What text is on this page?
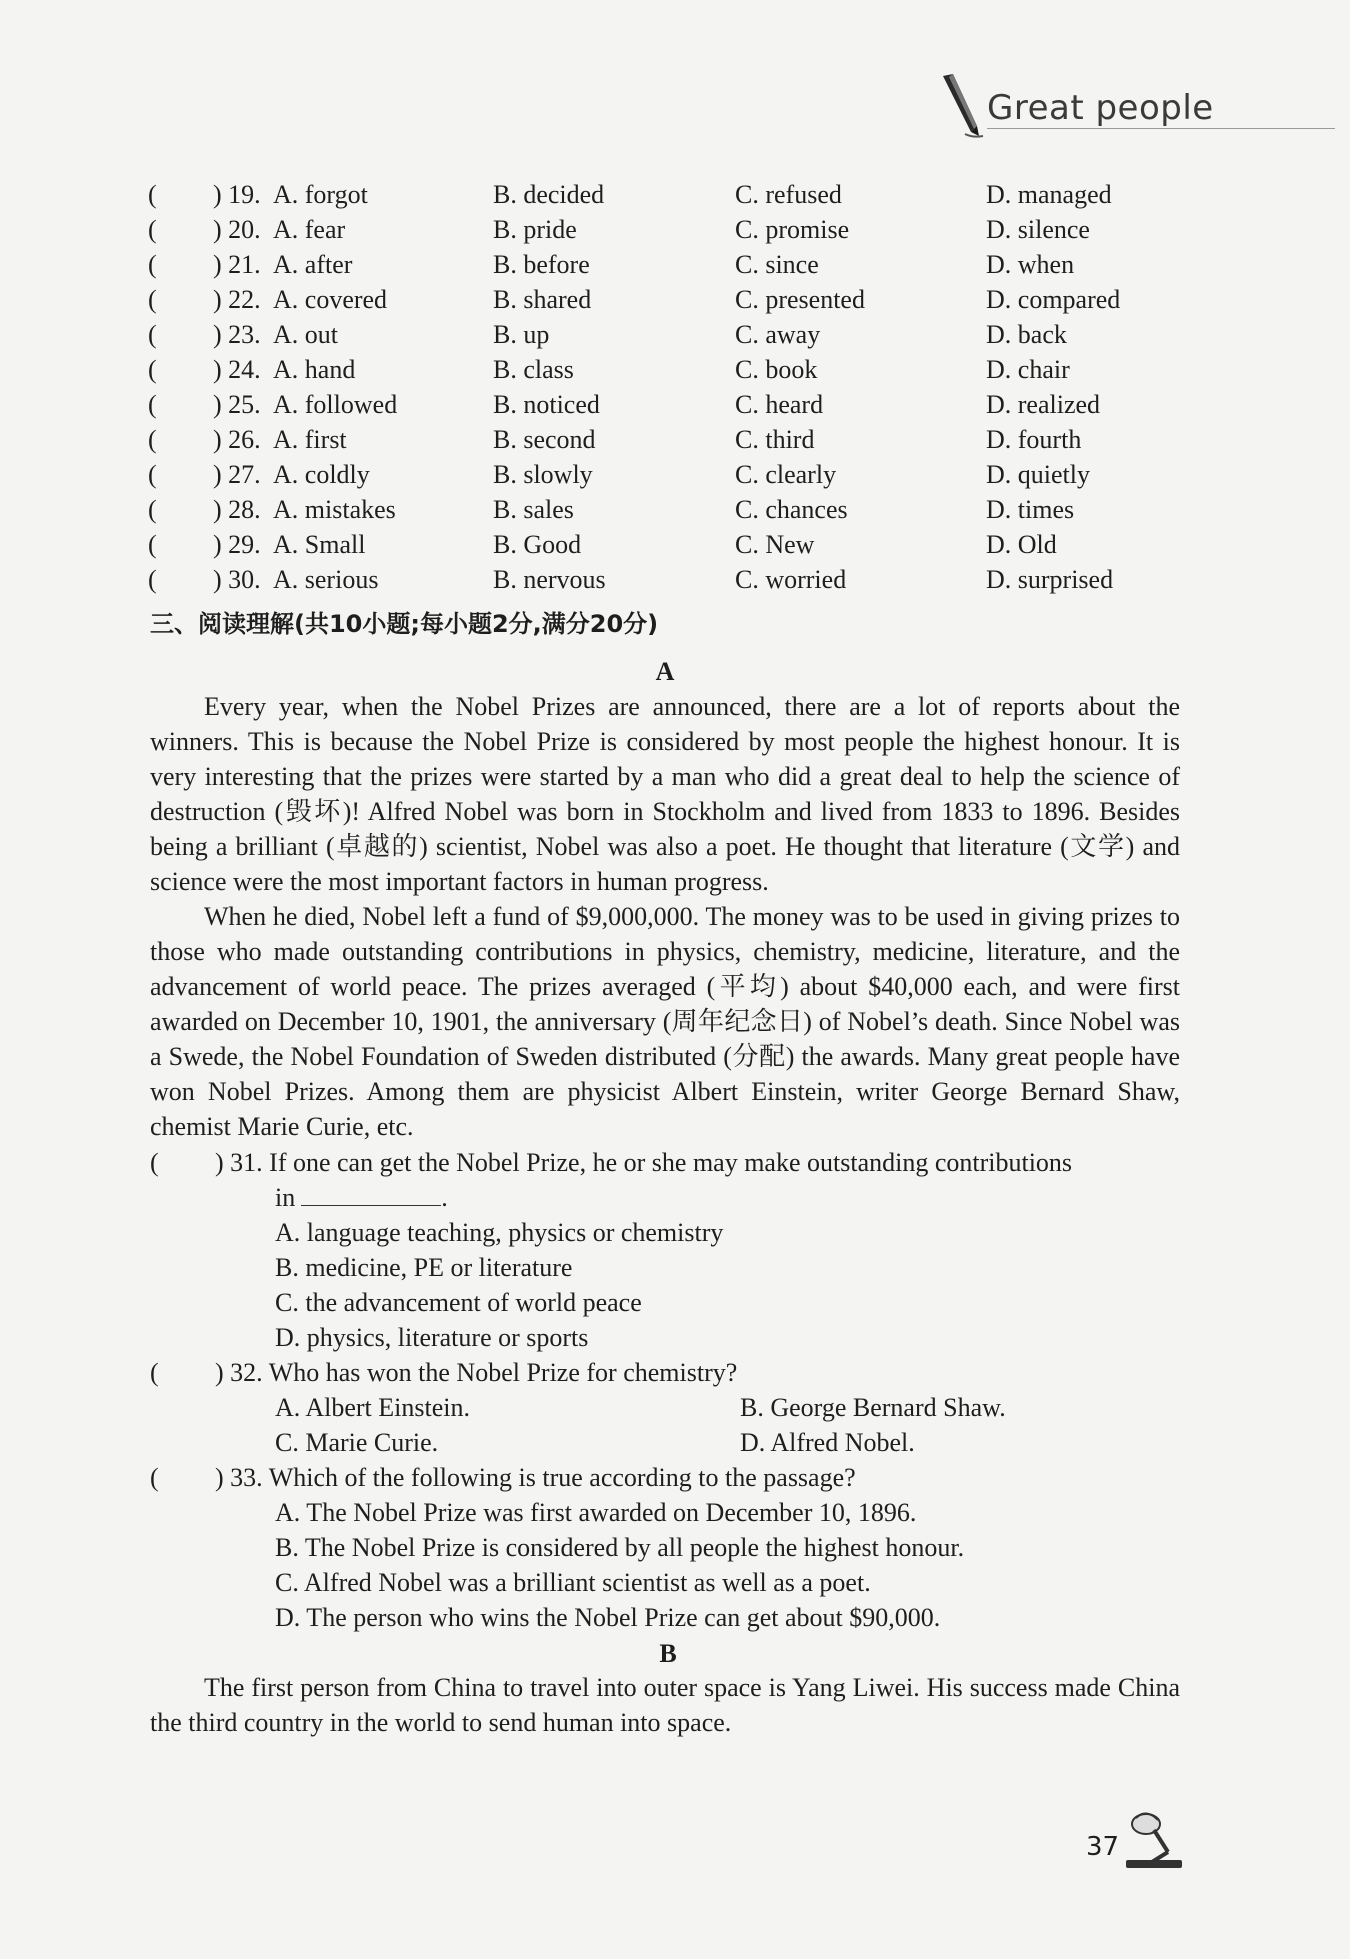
Great people
( ) 19. A. forgot	B. decided	C. refused	D. managed
( ) 20. A. fear	B. pride	C. promise	D. silence
( ) 21. A. after	B. before	C. since	D. when
( ) 22. A. covered	B. shared	C. presented	D. compared
( ) 23. A. out	B. up	C. away	D. back
( ) 24. A. hand	B. class	C. book	D. chair
( ) 25. A. followed	B. noticed	C. heard	D. realized
( ) 26. A. first	B. second	C. third	D. fourth
( ) 27. A. coldly	B. slowly	C. clearly	D. quietly
( ) 28. A. mistakes	B. sales	C. chances	D. times
( ) 29. A. Small	B. Good	C. New	D. Old
( ) 30. A. serious	B. nervous	C. worried	D. surprised
三、阅读理解(共10小题;每小题2分,满分20分)
A

Every year, when the Nobel Prizes are announced, there are a lot of reports about the winners. This is because the Nobel Prize is considered by most people the highest honour. It is very interesting that the prizes were started by a man who did a great deal to help the science of destruction (毁坏)! Alfred Nobel was born in Stockholm and lived from 1833 to 1896. Besides being a brilliant (卓越的) scientist, Nobel was also a poet. He thought that literature (文学) and science were the most important factors in human progress.

When he died, Nobel left a fund of $9,000,000. The money was to be used in giving prizes to those who made outstanding contributions in physics, chemistry, medicine, literature, and the advancement of world peace. The prizes averaged (平均) about $40,000 each, and were first awarded on December 10, 1901, the anniversary (周年纪念日) of Nobel’s death. Since Nobel was a Swede, the Nobel Foundation of Sweden distributed (分配) the awards. Many great people have won Nobel Prizes. Among them are physicist Albert Einstein, writer George Bernard Shaw, chemist Marie Curie, etc.

( ) 31. If one can get the Nobel Prize, he or she may make outstanding contributions
in	.
A. language teaching, physics or chemistry
B. medicine, PE or literature
C. the advancement of world peace
D. physics, literature or sports
( ) 32. Who has won the Nobel Prize for chemistry?
A. Albert Einstein.	B. George Bernard Shaw.
C. Marie Curie.	D. Alfred Nobel.
( ) 33. Which of the following is true according to the passage?
A. The Nobel Prize was first awarded on December 10, 1896.
B. The Nobel Prize is considered by all people the highest honour.
C. Alfred Nobel was a brilliant scientist as well as a poet.
D. The person who wins the Nobel Prize can get about $90,000.
B

The first person from China to travel into outer space is Yang Liwei. His success made China the third country in the world to send human into space.

37
